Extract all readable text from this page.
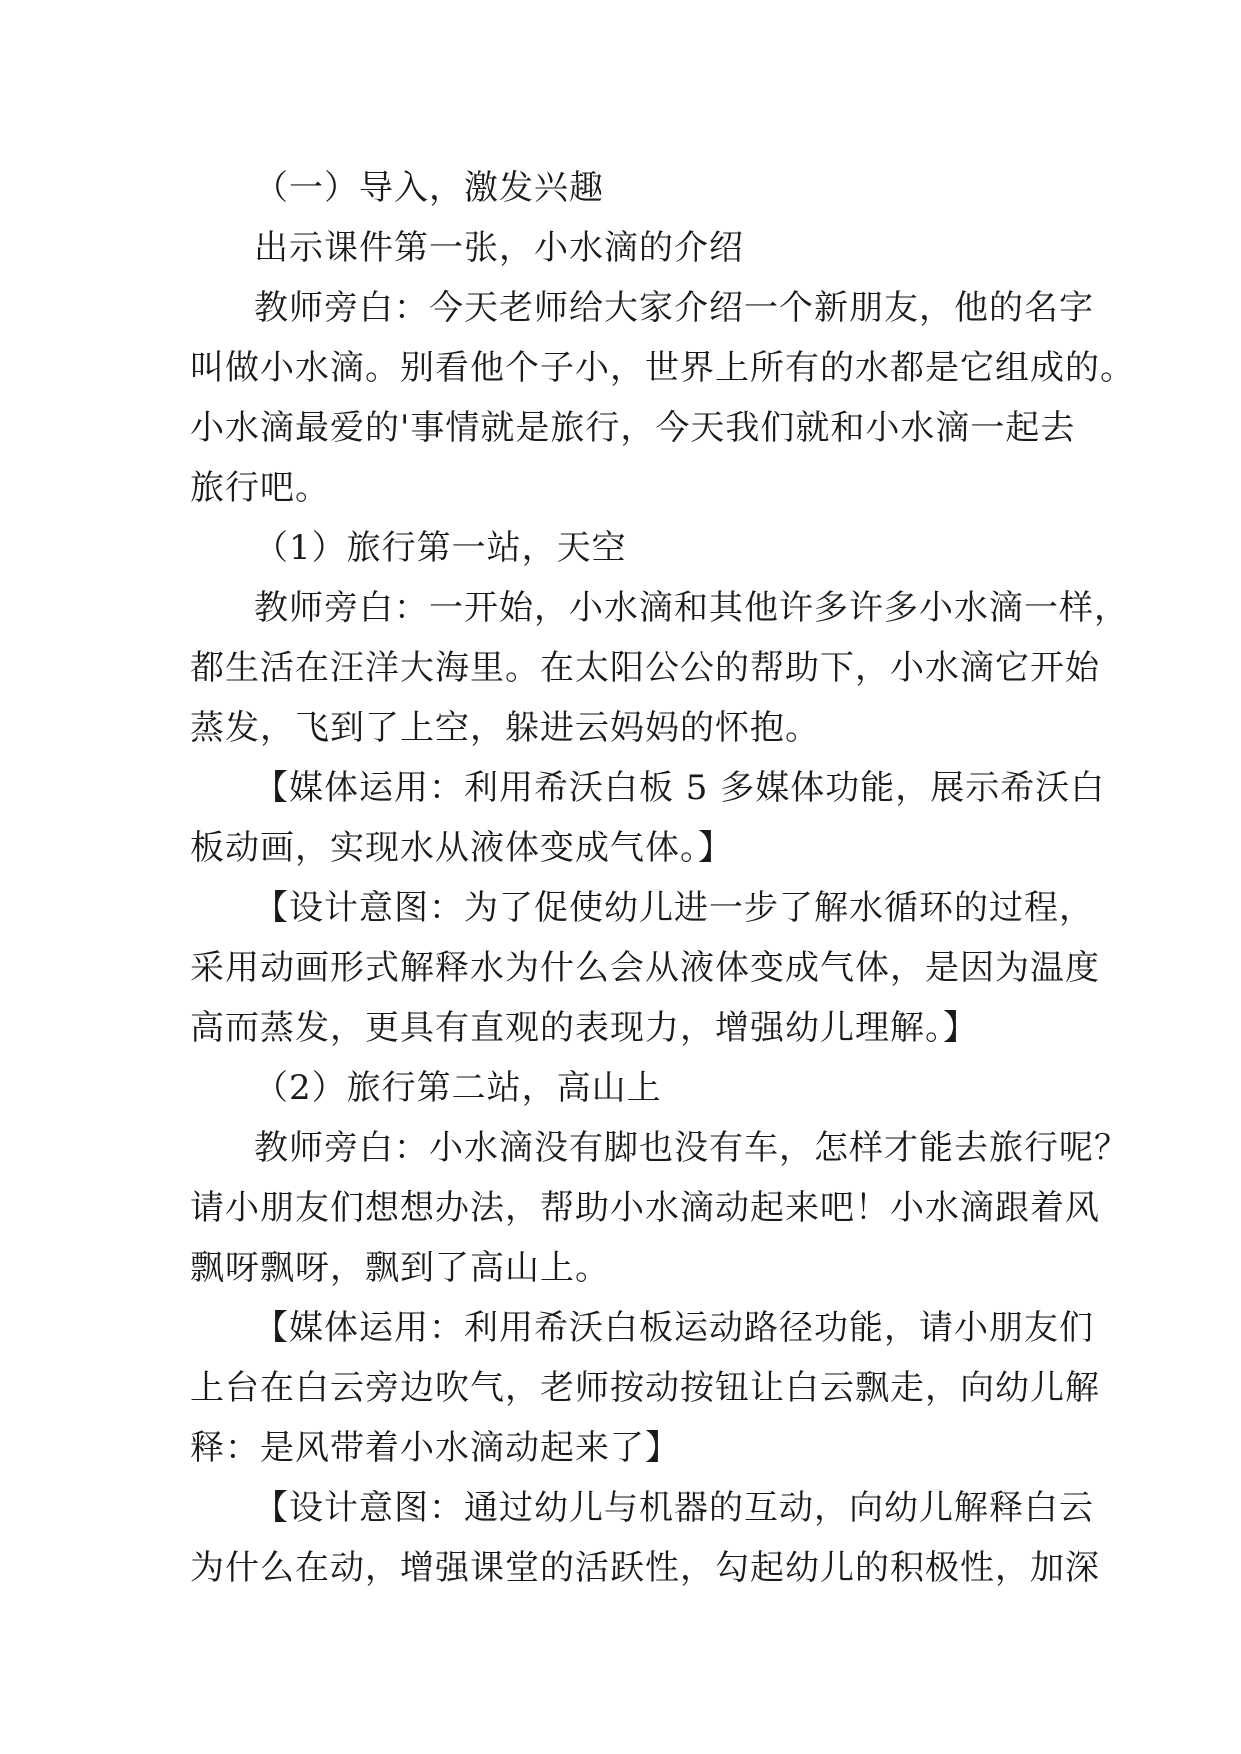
（一）导入，激发兴趣
出示课件第一张，小水滴的介绍
教师旁白：今天老师给大家介绍一个新朋友，他的名字
叫做小水滴。别看他个子小，世界上所有的水都是它组成的。
小水滴最爱的'事情就是旅行，今天我们就和小水滴一起去
旅行吧。
（1）旅行第一站，天空
教师旁白：一开始，小水滴和其他许多许多小水滴一样，
都生活在汪洋大海里。在太阳公公的帮助下，小水滴它开始
蒸发，飞到了上空，躲进云妈妈的怀抱。
【媒体运用：利用希沃白板 5 多媒体功能，展示希沃白
板动画，实现水从液体变成气体。】
【设计意图：为了促使幼儿进一步了解水循环的过程，
采用动画形式解释水为什么会从液体变成气体，是因为温度
高而蒸发，更具有直观的表现力，增强幼儿理解。】
（2）旅行第二站，高山上
教师旁白：小水滴没有脚也没有车，怎样才能去旅行呢？
请小朋友们想想办法，帮助小水滴动起来吧！小水滴跟着风
飘呀飘呀，飘到了高山上。
【媒体运用：利用希沃白板运动路径功能，请小朋友们
上台在白云旁边吹气，老师按动按钮让白云飘走，向幼儿解
释：是风带着小水滴动起来了】
【设计意图：通过幼儿与机器的互动，向幼儿解释白云
为什么在动，增强课堂的活跃性，勾起幼儿的积极性，加深
